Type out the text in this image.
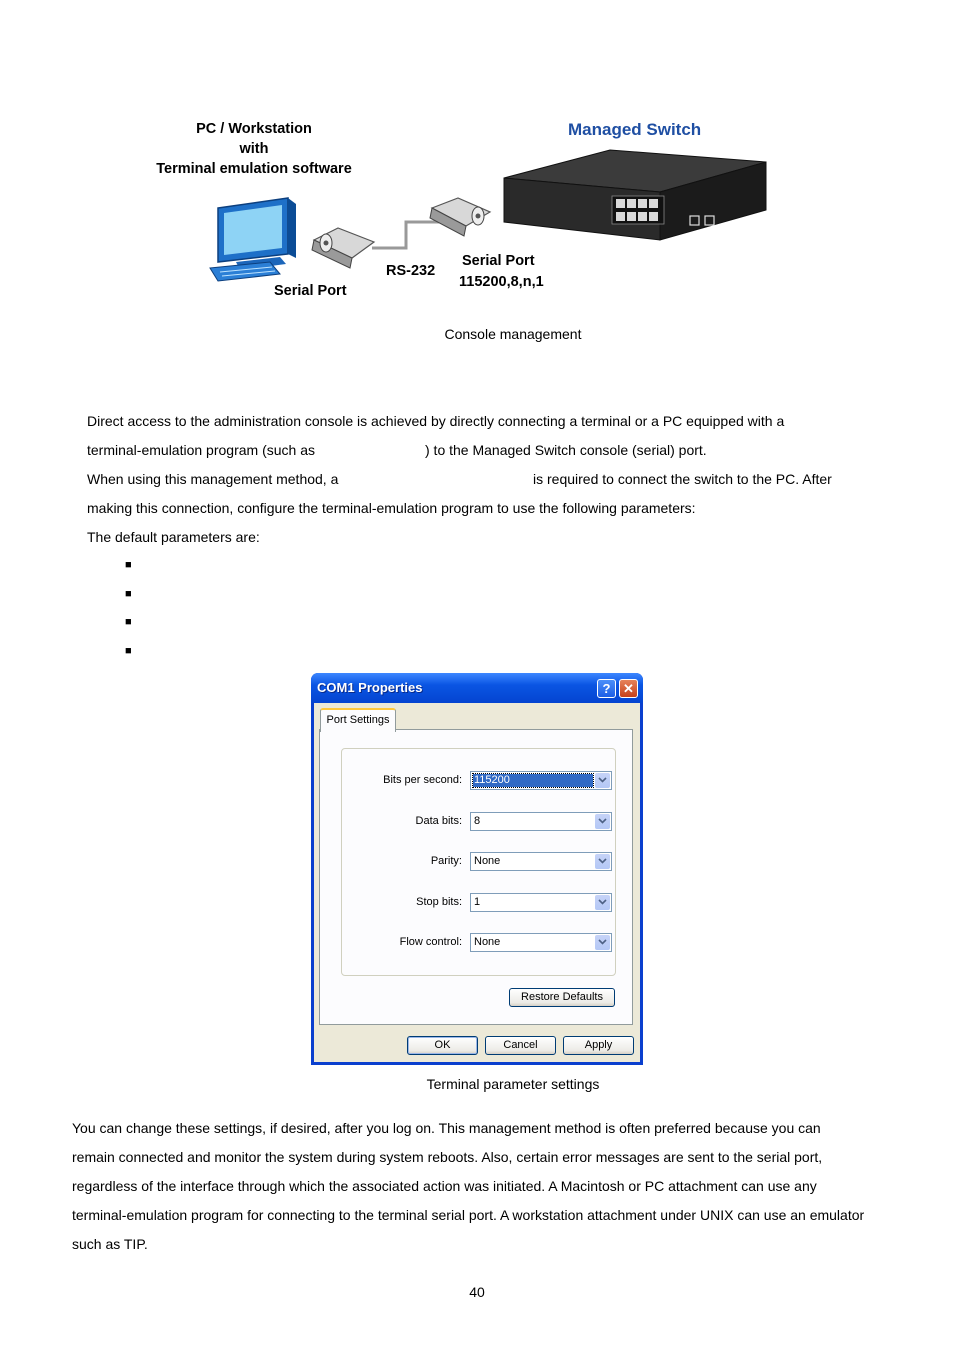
PC / Workstation
with
Terminal emulation software
Managed Switch
Serial Port
RS-232
Serial Port
115200,8,n,1
Console management
Direct access to the administration console is achieved by directly connecting a terminal or a PC equipped with a
terminal-emulation program (such as	) to the Managed Switch console (serial) port.
When using this management method, a	is required to connect the switch to the PC. After
making this connection, configure the terminal-emulation program to use the following parameters:
The default parameters are:
■
■
■
■
COM1 Properties	? ✕
Port Settings
Bits per second: 115200
Data bits: 8
Parity: None
Stop bits: 1
Flow control: None
Restore Defaults
OK	Cancel	Apply
Terminal parameter settings
You can change these settings, if desired, after you log on. This management method is often preferred because you can
remain connected and monitor the system during system reboots. Also, certain error messages are sent to the serial port,
regardless of the interface through which the associated action was initiated. A Macintosh or PC attachment can use any
terminal-emulation program for connecting to the terminal serial port. A workstation attachment under UNIX can use an emulator
such as TIP.
40
